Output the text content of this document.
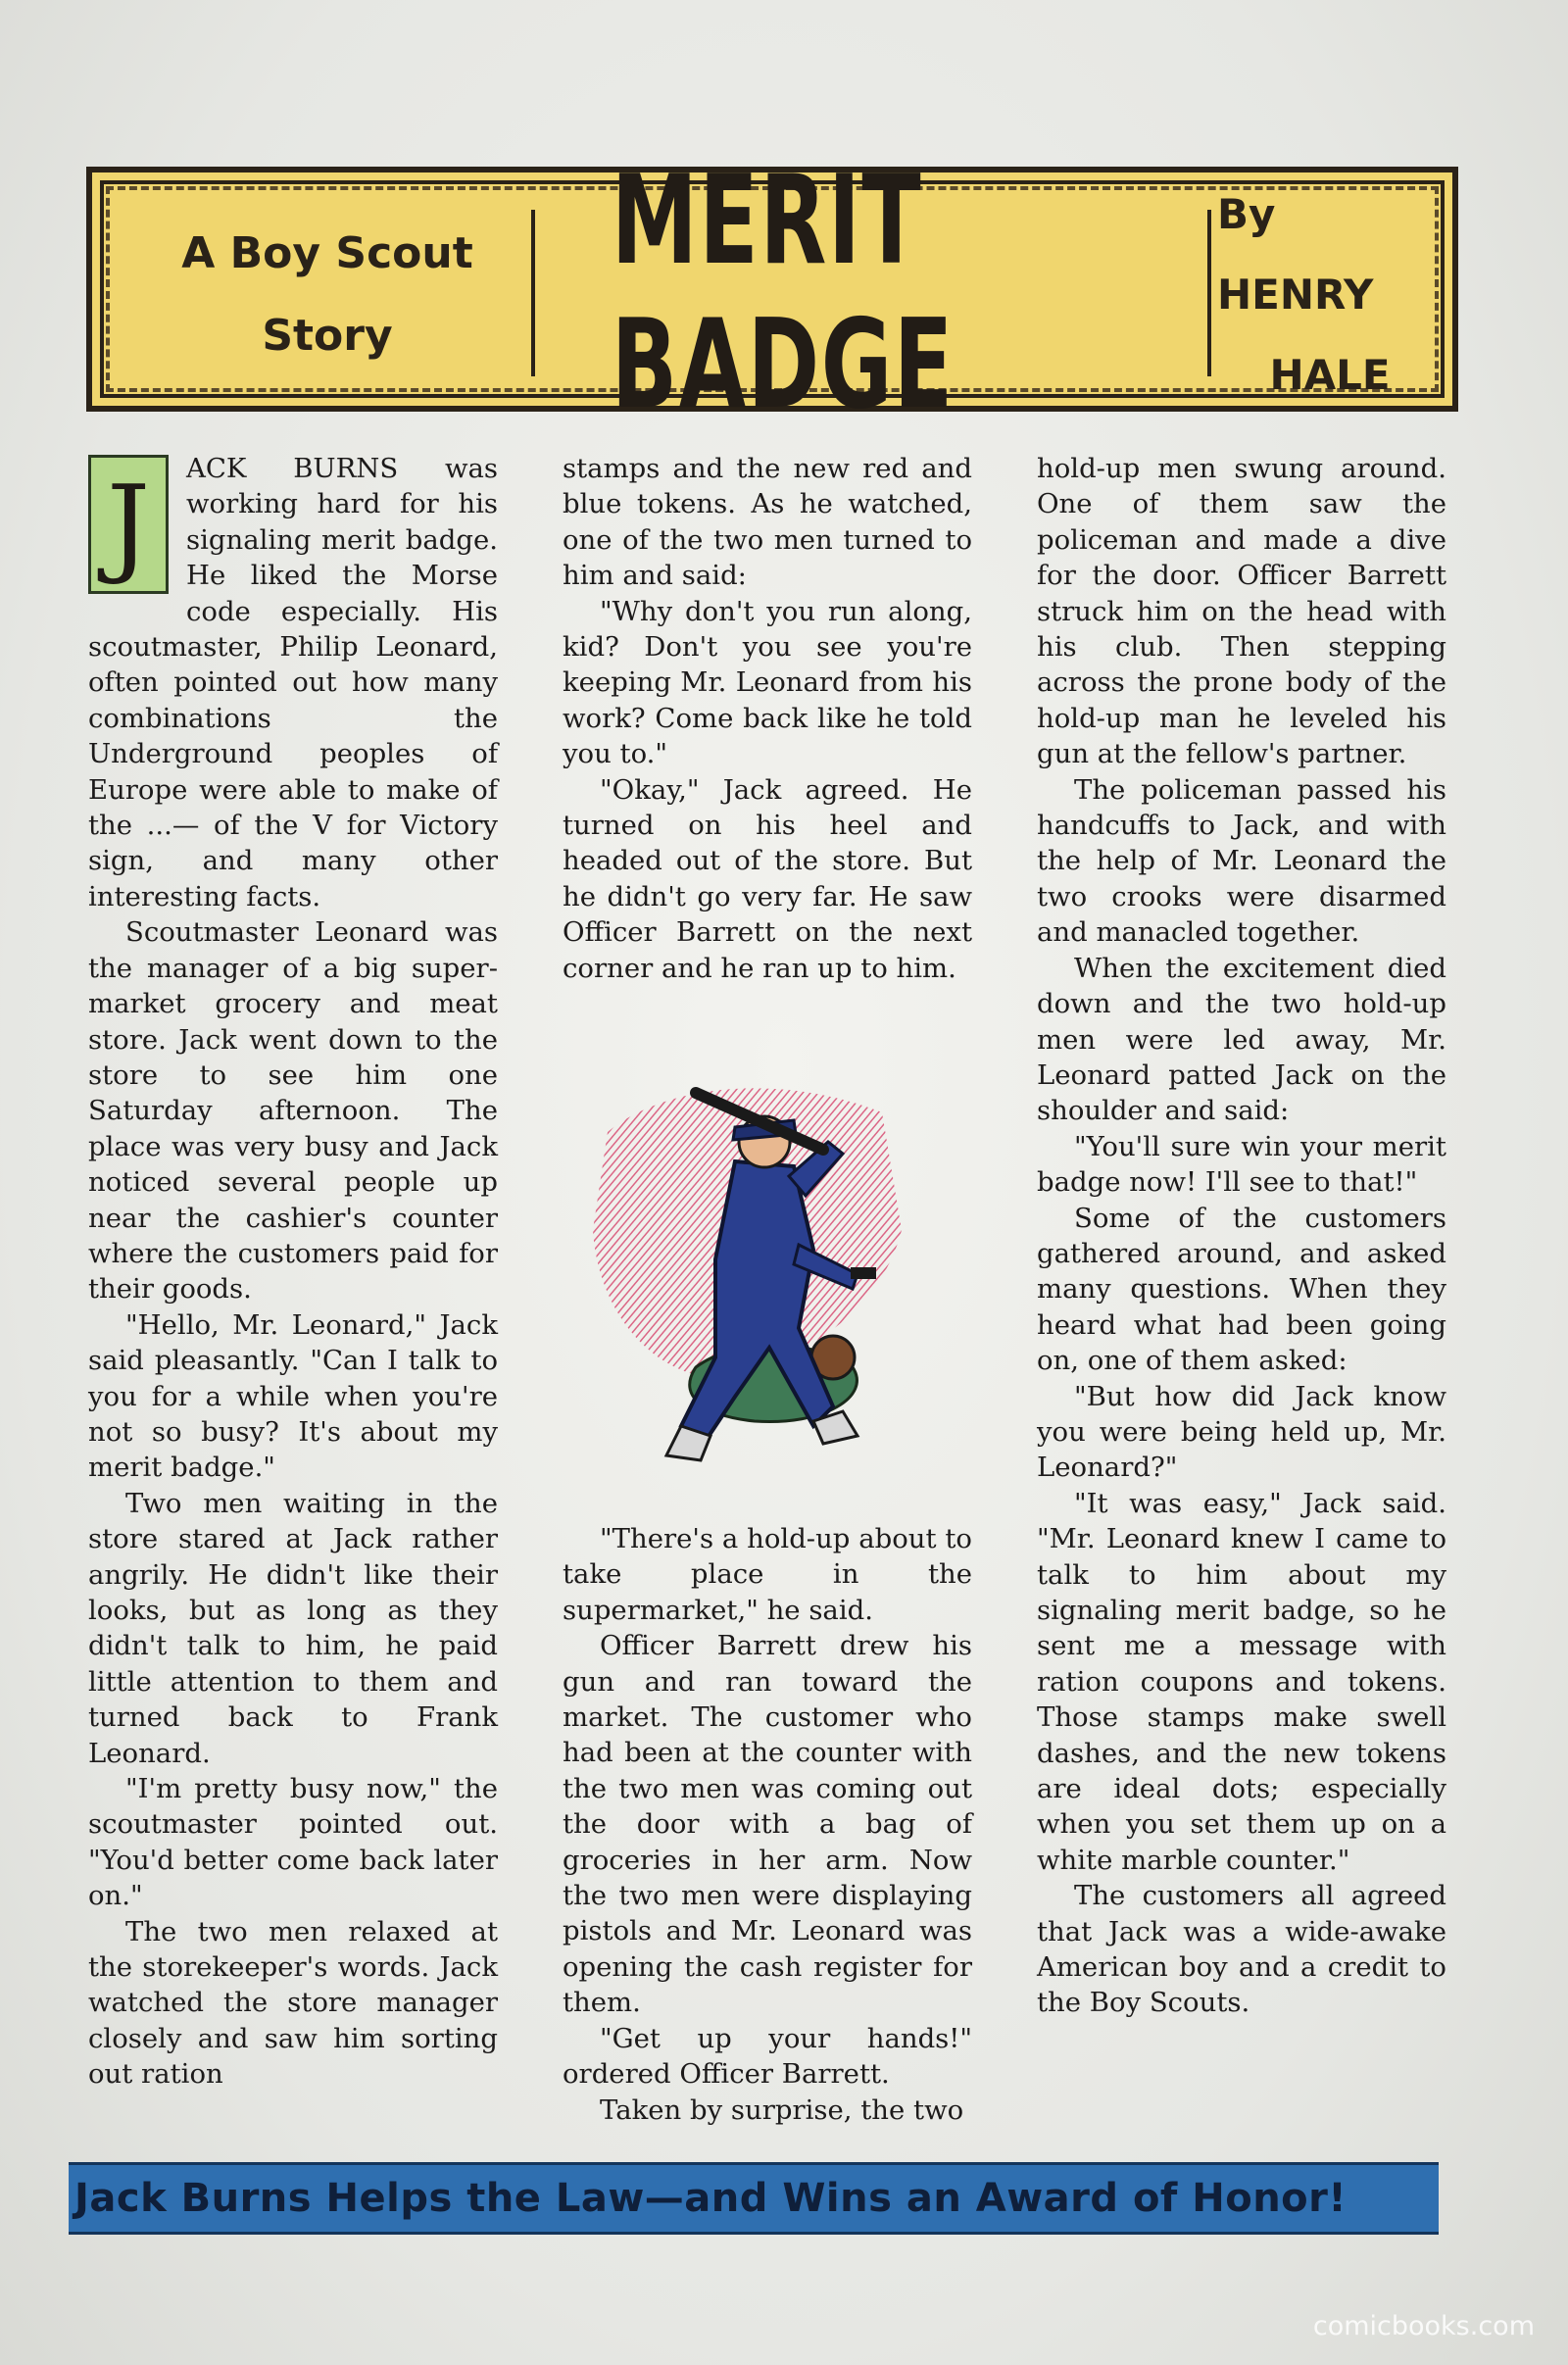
A Boy Scout
Story
MERIT BADGE
By HENRY
HALE
J	ACK BURNS was working hard for his signaling merit badge. He liked the Morse code especially. His scoutmaster, Philip Leonard, often pointed out how many combinations the Underground peoples of Europe were able to make of the ...— of the V for Victory sign, and many other interesting facts.

Scoutmaster Leonard was the manager of a big super-market grocery and meat store. Jack went down to the store to see him one Saturday afternoon. The place was very busy and Jack noticed several people up near the cashier's counter where the customers paid for their goods.

"Hello, Mr. Leonard," Jack said pleasantly. "Can I talk to you for a while when you're not so busy? It's about my merit badge."

Two men waiting in the store stared at Jack rather angrily. He didn't like their looks, but as long as they didn't talk to him, he paid little attention to them and turned back to Frank Leonard.

"I'm pretty busy now," the scoutmaster pointed out. "You'd better come back later on."

The two men relaxed at the storekeeper's words. Jack watched the store manager closely and saw him sorting out ration

stamps and the new red and blue tokens. As he watched, one of the two men turned to him and said:

"Why don't you run along, kid? Don't you see you're keeping Mr. Leonard from his work? Come back like he told you to."

"Okay," Jack agreed. He turned on his heel and headed out of the store. But he didn't go very far. He saw Officer Barrett on the next corner and he ran up to him.

"There's a hold-up about to take place in the supermarket," he said.

Officer Barrett drew his gun and ran toward the market. The customer who had been at the counter with the two men was coming out the door with a bag of groceries in her arm. Now the two men were displaying pistols and Mr. Leonard was opening the cash register for them.

"Get up your hands!" ordered Officer Barrett.

Taken by surprise, the two

hold-up men swung around. One of them saw the policeman and made a dive for the door. Officer Barrett struck him on the head with his club. Then stepping across the prone body of the hold-up man he leveled his gun at the fellow's partner.

The policeman passed his handcuffs to Jack, and with the help of Mr. Leonard the two crooks were disarmed and manacled together.

When the excitement died down and the two hold-up men were led away, Mr. Leonard patted Jack on the shoulder and said:

"You'll sure win your merit badge now! I'll see to that!"

Some of the customers gathered around, and asked many questions. When they heard what had been going on, one of them asked:

"But how did Jack know you were being held up, Mr. Leonard?"

"It was easy," Jack said. "Mr. Leonard knew I came to talk to him about my signaling merit badge, so he sent me a message with ration coupons and tokens. Those stamps make swell dashes, and the new tokens are ideal dots; especially when you set them up on a white marble counter."

The customers all agreed that Jack was a wide-awake American boy and a credit to the Boy Scouts.

Jack Burns Helps the Law—and Wins an Award of Honor!
comicbooks.com
